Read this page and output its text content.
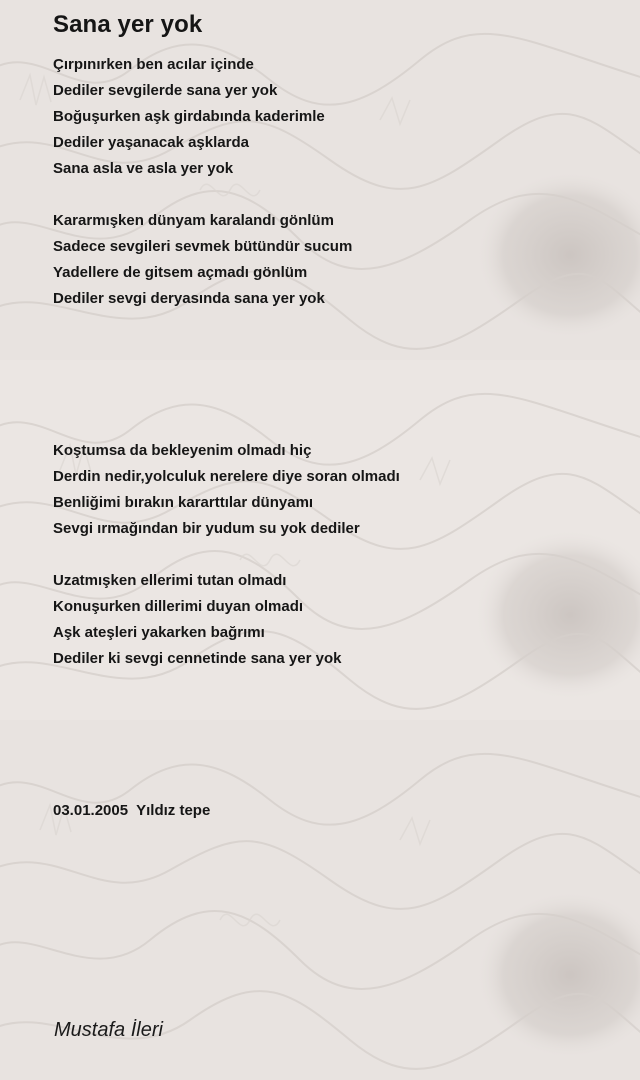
Sana yer yok
Çırpınırken ben acılar içinde
Dediler sevgilerde sana yer yok
Boğuşurken aşk girdabında kaderimle
Dediler yaşanacak aşklarda
Sana asla ve asla yer yok
Kararmışken dünyam karalandı gönlüm
Sadece sevgileri sevmek bütündür sucum
Yadellere de gitsem açmadı gönlüm
Dediler sevgi deryasında sana yer yok
Koştumsa da bekleyenim olmadı hiç
Derdin nedir,yolculuk nerelere diye soran olmadı
Benliğimi bırakın kararttılar dünyamı
Sevgi ırmağından bir yudum su yok dediler
Uzatmışken ellerimi tutan olmadı
Konuşurken dillerimi duyan olmadı
Aşk ateşleri yakarken bağrımı
Dediler ki sevgi cennetinde sana yer yok
03.01.2005  Yıldız tepe
Mustafa İleri
